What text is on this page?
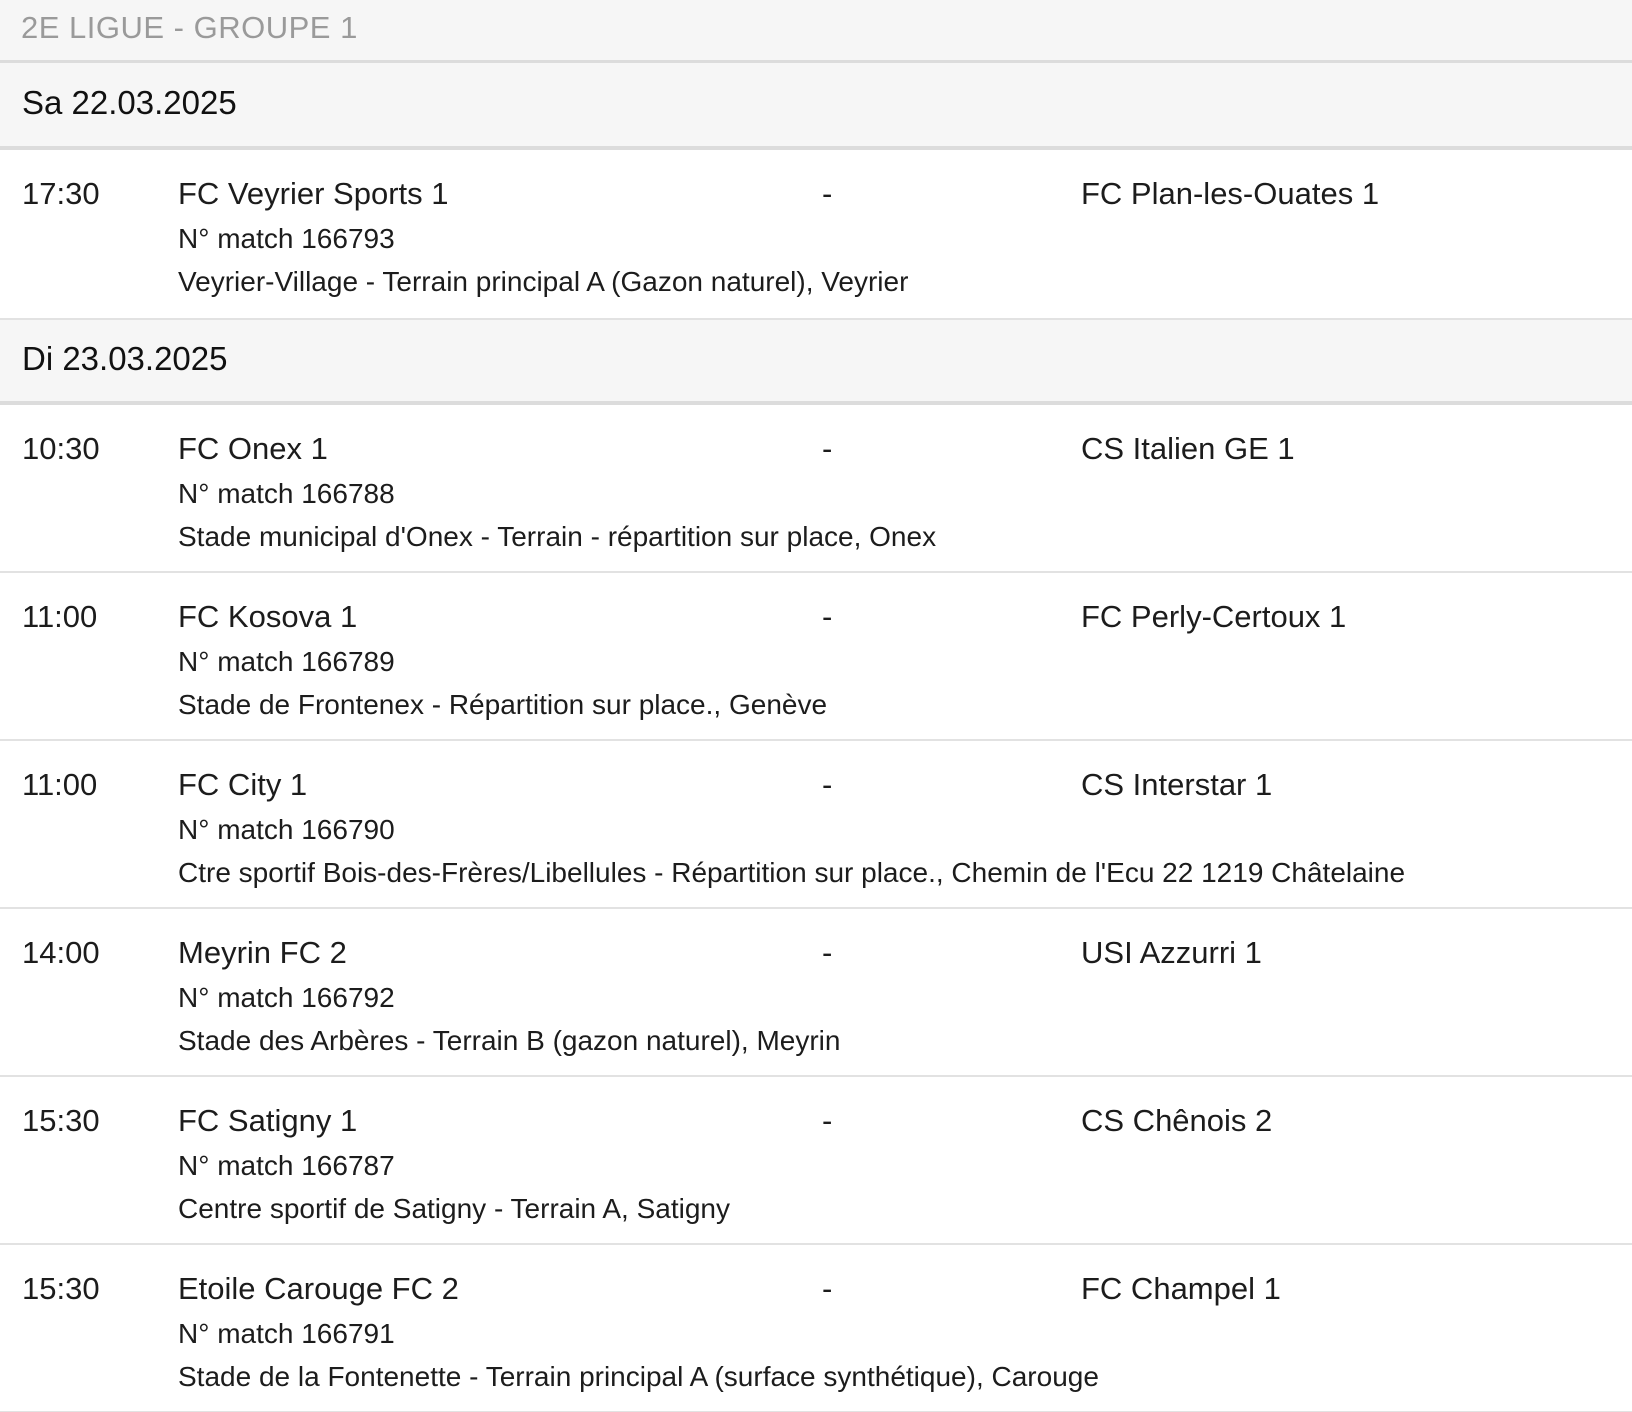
2E LIGUE - GROUPE 1
Sa 22.03.2025
17:30	FC Veyrier Sports 1	-	FC Plan-les-Ouates 1
N° match 166793
Veyrier-Village - Terrain principal A (Gazon naturel), Veyrier
Di 23.03.2025
10:30	FC Onex 1	-	CS Italien GE 1
N° match 166788
Stade municipal d'Onex - Terrain - répartition sur place, Onex
11:00	FC Kosova 1	-	FC Perly-Certoux 1
N° match 166789
Stade de Frontenex - Répartition sur place., Genève
11:00	FC City 1	-	CS Interstar 1
N° match 166790
Ctre sportif Bois-des-Frères/Libellules - Répartition sur place., Chemin de l'Ecu 22 1219 Châtelaine
14:00	Meyrin FC 2	-	USI Azzurri 1
N° match 166792
Stade des Arbères - Terrain B (gazon naturel), Meyrin
15:30	FC Satigny 1	-	CS Chênois 2
N° match 166787
Centre sportif de Satigny - Terrain A, Satigny
15:30	Etoile Carouge FC 2	-	FC Champel 1
N° match 166791
Stade de la Fontenette - Terrain principal A (surface synthétique), Carouge
